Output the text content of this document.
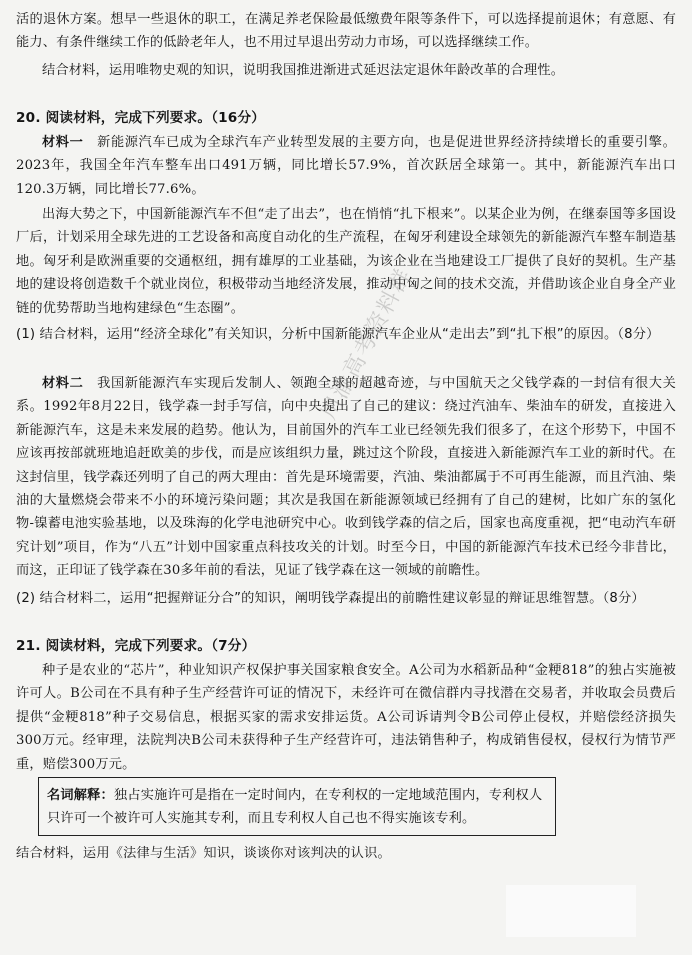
活的退休方案。想早一些退休的职工，在满足养老保险最低缴费年限等条件下，可以选择提前退休；有意愿、有能力、有条件继续工作的低龄老年人，也不用过早退出劳动力市场，可以选择继续工作。
结合材料，运用唯物史观的知识，说明我国推进渐进式延迟法定退休年龄改革的合理性。
20. 阅读材料，完成下列要求。（16分）
材料一　 新能源汽车已成为全球汽车产业转型发展的主要方向，也是促进世界经济持续增长的重要引擎。2023年，我国全年汽车整车出口491万辆，同比增长57.9%，首次跃居全球第一。其中，新能源汽车出口120.3万辆，同比增长77.6%。
出海大势之下，中国新能源汽车不但“走了出去”，也在悄悄“扎下根来”。以某企业为例，在继泰国等多国设厂后，计划采用全球先进的工艺设备和高度自动化的生产流程，在匈牙利建设全球领先的新能源汽车整车制造基地。匈牙利是欧洲重要的交通枢纽，拥有雄厚的工业基础，为该企业在当地建设工厂提供了良好的契机。生产基地的建设将创造数千个就业岗位，积极带动当地经济发展，推动中匈之间的技术交流，并借助该企业自身全产业链的优势帮助当地构建绿色“生态圈”。
(1) 结合材料，运用“经济全球化”有关知识，分析中国新能源汽车企业从“走出去”到“扎下根”的原因。（8分）
材料二　 我国新能源汽车实现后发制人、领跑全球的超越奇迹，与中国航天之父钱学森的一封信有很大关系。1992年8月22日，钱学森一封手写信，向中央提出了自己的建议：绕过汽油车、柴油车的研发，直接进入新能源汽车，这是未来发展的趋势。他认为，目前国外的汽车工业已经领先我们很多了，在这个形势下，中国不应该再按部就班地追赶欧美的步伐，而是应该组织力量，跳过这个阶段，直接进入新能源汽车工业的新时代。在这封信里，钱学森还列明了自己的两大理由：首先是环境需要，汽油、柴油都属于不可再生能源，而且汽油、柴油的大量燃烧会带来不小的环境污染问题；其次是我国在新能源领域已经拥有了自己的建树，比如广东的氢化物-镍蓄电池实验基地，以及珠海的化学电池研究中心。收到钱学森的信之后，国家也高度重视，把“电动汽车研究计划”项目，作为“八五”计划中国家重点科技攻关的计划。时至今日，中国的新能源汽车技术已经今非昔比，而这，正印证了钱学森在30多年前的看法，见证了钱学森在这一领域的前瞻性。
(2) 结合材料二，运用“把握辩证分合”的知识，阐明钱学森提出的前瞻性建议彰显的辩证思维智慧。（8分）
21. 阅读材料，完成下列要求。（7分）
种子是农业的“芯片”，种业知识产权保护事关国家粮食安全。A公司为水稻新品种“金粳818”的独占实施被许可人。B公司在不具有种子生产经营许可证的情况下，未经许可在微信群内寻找潜在交易者，并收取会员费后提供“金粳818”种子交易信息，根据买家的需求安排运货。A公司诉请判令B公司停止侵权，并赔偿经济损失300万元。经审理，法院判决B公司未获得种子生产经营许可，违法销售种子，构成销售侵权，侵权行为情节严重，赔偿300万元。
名词解释：独占实施许可是指在一定时间内，在专利权的一定地域范围内，专利权人只许可一个被许可人实施其专利，而且专利权人自己也不得实施该专利。
结合材料，运用《法律与生活》知识，谈谈你对该判决的认识。
川渝高考资料群
